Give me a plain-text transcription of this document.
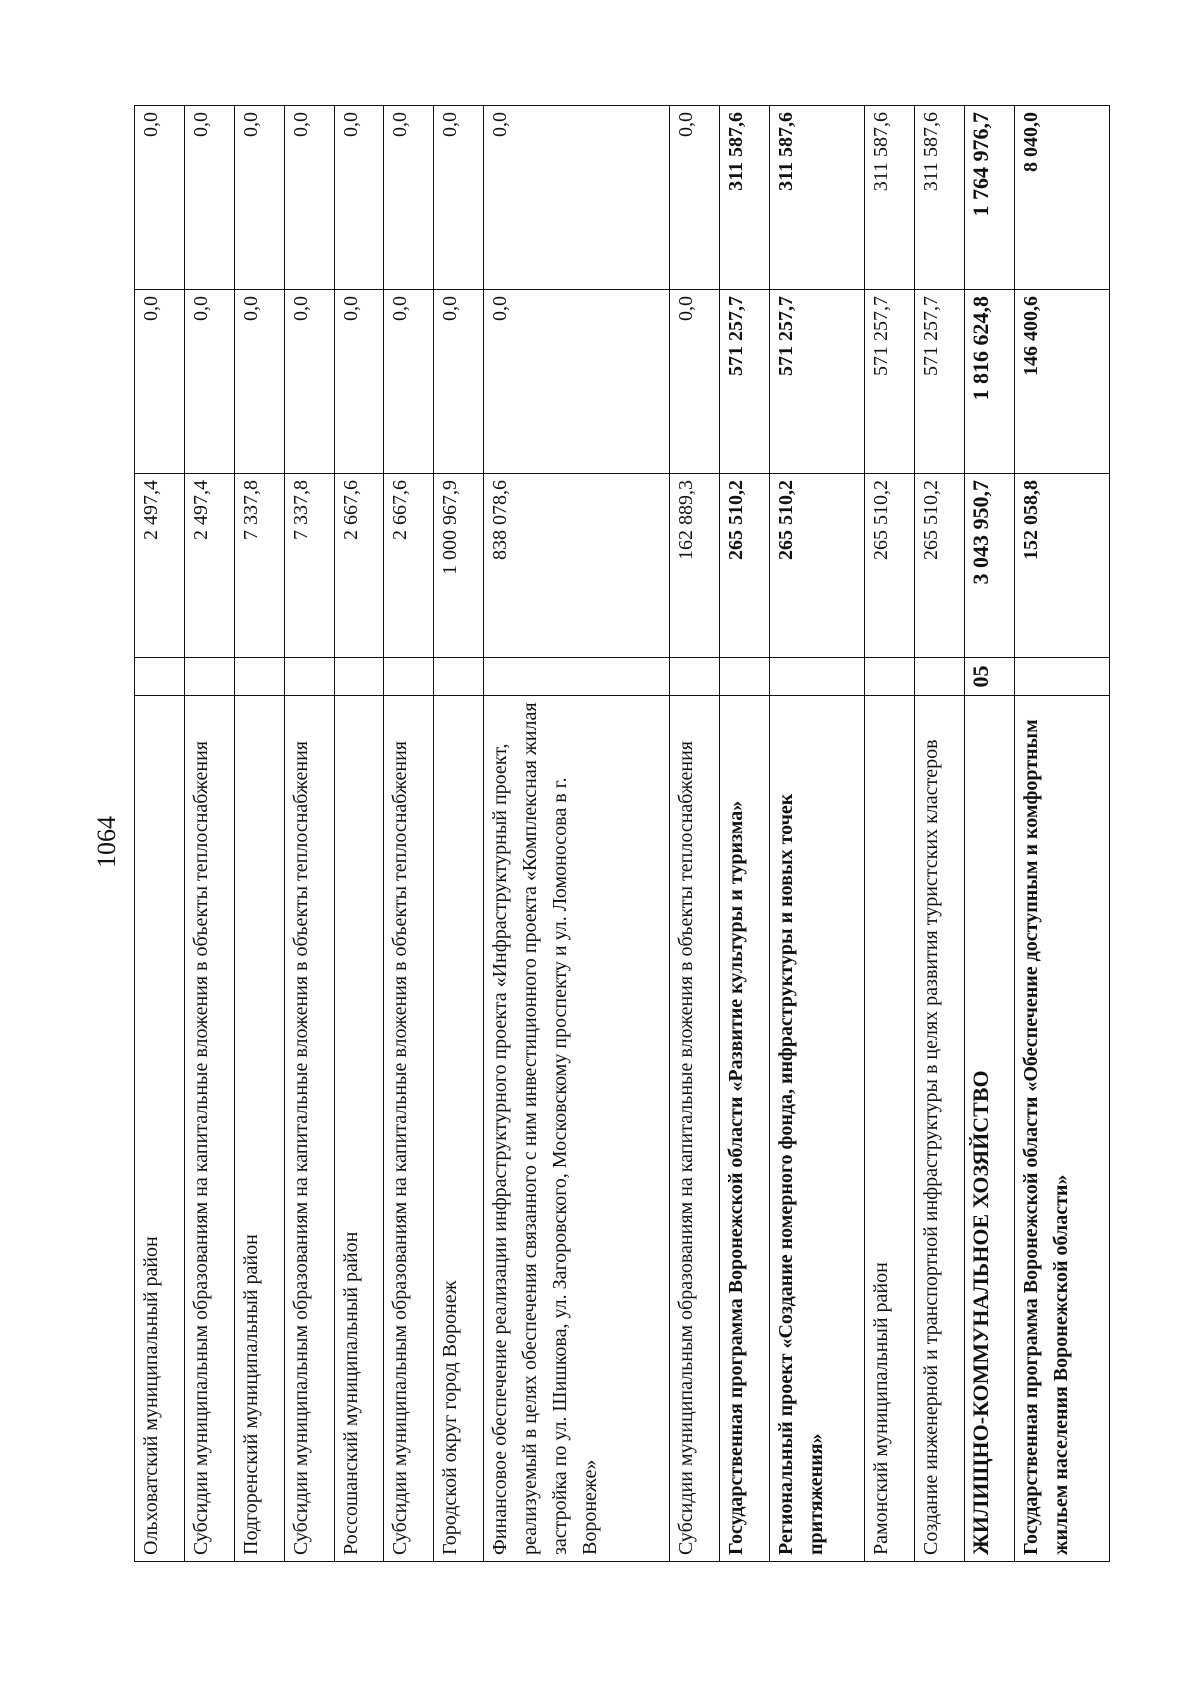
1064
Ольховатский муниципальный район		2 497,4	0,0	0,0
Субсидии муниципальным образованиям на капитальные вложения в объекты теплоснабжения		2 497,4	0,0	0,0
Подгоренский муниципальный район		7 337,8	0,0	0,0
Субсидии муниципальным образованиям на капитальные вложения в объекты теплоснабжения		7 337,8	0,0	0,0
Россошанский муниципальный район		2 667,6	0,0	0,0
Субсидии муниципальным образованиям на капитальные вложения в объекты теплоснабжения		2 667,6	0,0	0,0
Городской округ город Воронеж		1 000 967,9	0,0	0,0
Финансовое обеспечение реализации инфраструктурного проекта «Инфраструктурный проект, реализуемый в целях обеспечения связанного с ним инвестиционного проекта «Комплексная жилая застройка по ул. Шишкова, ул. Загоровского, Московскому проспекту и ул. Ломоносова в г. Воронеже»		838 078,6	0,0	0,0
Субсидии муниципальным образованиям на капитальные вложения в объекты теплоснабжения		162 889,3	0,0	0,0
Государственная программа Воронежской области «Развитие культуры и туризма»		265 510,2	571 257,7	311 587,6
Региональный проект «Создание номерного фонда, инфраструктуры и новых точек притяжения»		265 510,2	571 257,7	311 587,6
Рамонский муниципальный район		265 510,2	571 257,7	311 587,6
Создание инженерной и транспортной инфраструктуры в целях развития туристских кластеров		265 510,2	571 257,7	311 587,6
ЖИЛИЩНО-КОММУНАЛЬНОЕ ХОЗЯЙСТВО	05	3 043 950,7	1 816 624,8	1 764 976,7
Государственная программа Воронежской области «Обеспечение доступным и комфортным жильем населения Воронежской области»		152 058,8	146 400,6	8 040,0
